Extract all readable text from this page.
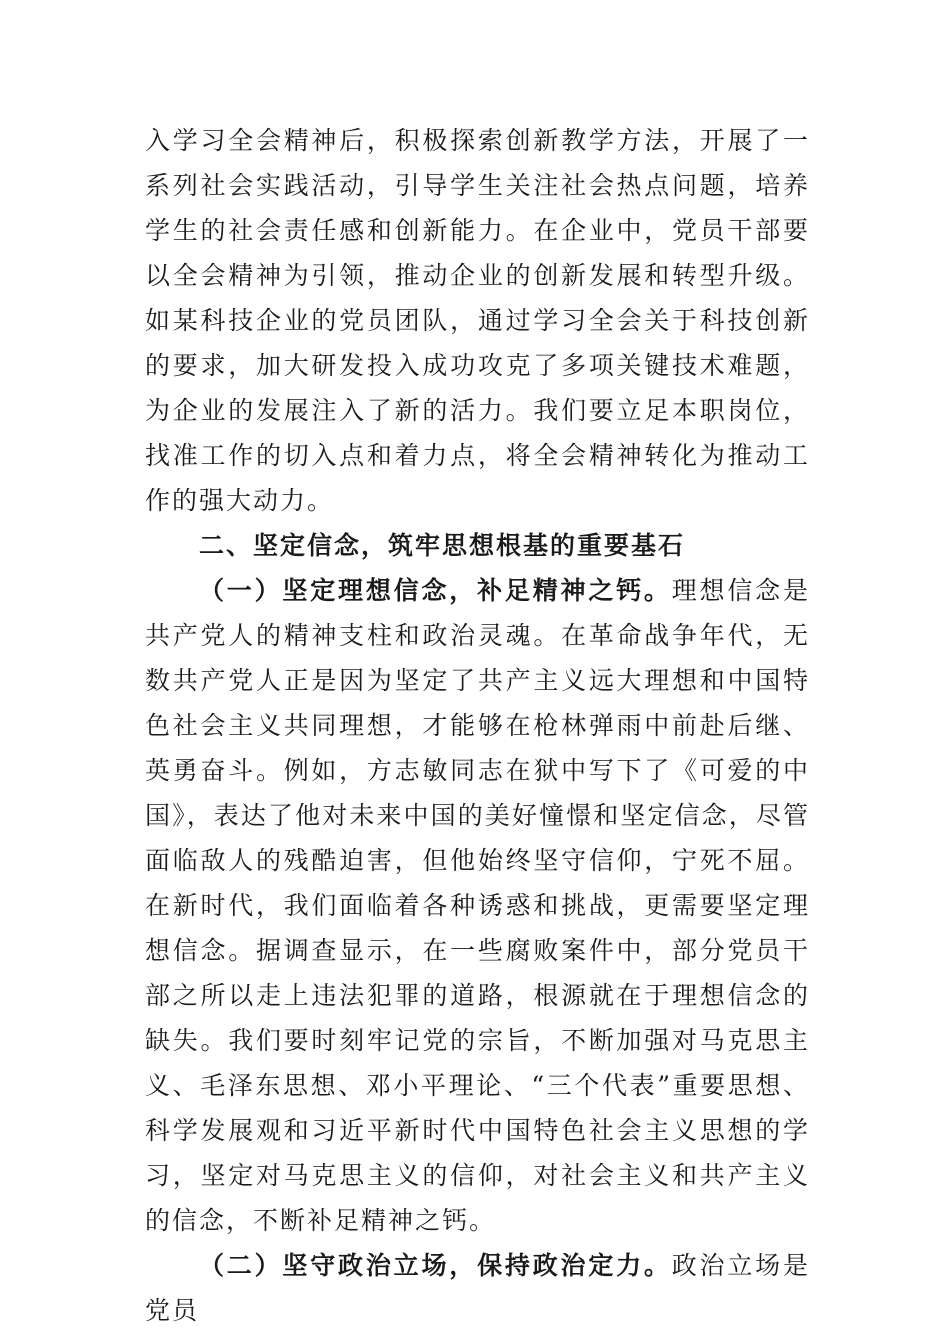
入学习全会精神后，积极探索创新教学方法，开展了一系列社会实践活动，引导学生关注社会热点问题，培养学生的社会责任感和创新能力。在企业中，党员干部要以全会精神为引领，推动企业的创新发展和转型升级。如某科技企业的党员团队，通过学习全会关于科技创新的要求，加大研发投入成功攻克了多项关键技术难题，为企业的发展注入了新的活力。我们要立足本职岗位，找准工作的切入点和着力点，将全会精神转化为推动工作的强大动力。

二、坚定信念，筑牢思想根基的重要基石

（一）坚定理想信念，补足精神之钙。理想信念是共产党人的精神支柱和政治灵魂。在革命战争年代，无数共产党人正是因为坚定了共产主义远大理想和中国特色社会主义共同理想，才能够在枪林弹雨中前赴后继、英勇奋斗。例如，方志敏同志在狱中写下了《可爱的中国》，表达了他对未来中国的美好憧憬和坚定信念，尽管面临敌人的残酷迫害，但他始终坚守信仰，宁死不屈。在新时代，我们面临着各种诱惑和挑战，更需要坚定理想信念。据调查显示，在一些腐败案件中，部分党员干部之所以走上违法犯罪的道路，根源就在于理想信念的缺失。我们要时刻牢记党的宗旨，不断加强对马克思主义、毛泽东思想、邓小平理论、“三个代表”重要思想、科学发展观和习近平新时代中国特色社会主义思想的学习，坚定对马克思主义的信仰，对社会主义和共产主义的信念，不断补足精神之钙。

（二）坚守政治立场，保持政治定力。政治立场是党员
